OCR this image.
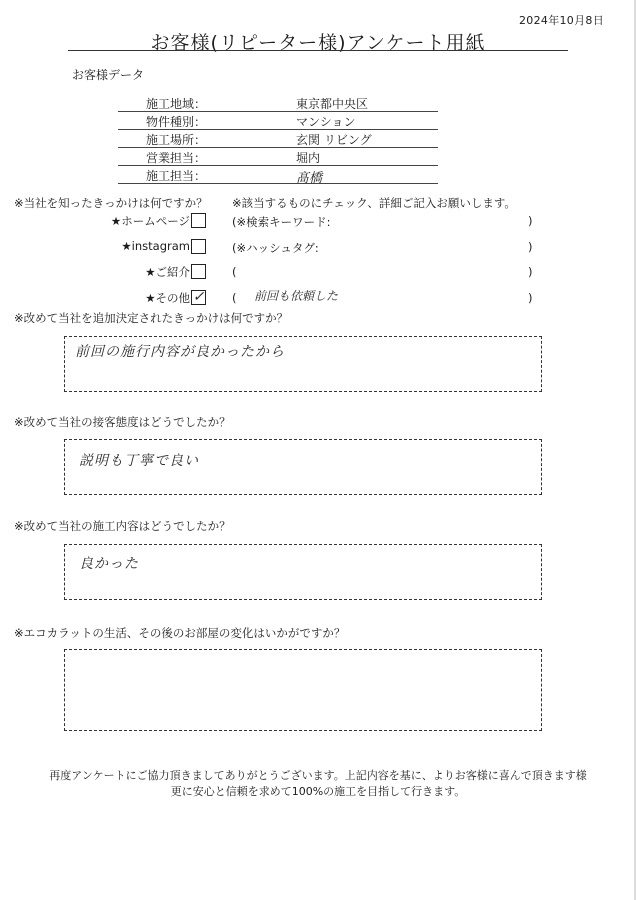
2024年10月8日
お客様(リピーター様)アンケート用紙
お客様データ
施工地域：	東京都中央区
物件種別：	マンション
施工場所：	玄関 リビング
営業担当：	堀内
施工担当：	髙橋
※当社を知ったきっかけは何ですか？ ※該当するものにチェック、詳細ご記入お願いします。
★ホームページ	(※検索キーワード:	)
★instagram	(※ハッシュタグ:	)
★ご紹介	(	)
★その他 ✓ ( 前回も依頼した	)
※改めて当社を追加決定されたきっかけは何ですか？
前回の施行内容が良かったから
※改めて当社の接客態度はどうでしたか？
説明も丁寧で良い
※改めて当社の施工内容はどうでしたか？
良かった
※エコカラットの生活、その後のお部屋の変化はいかがですか？
再度アンケートにご協力頂きましてありがとうございます。上記内容を基に、よりお客様に喜んで頂きます様
更に安心と信頼を求めて100%の施工を目指して行きます。
